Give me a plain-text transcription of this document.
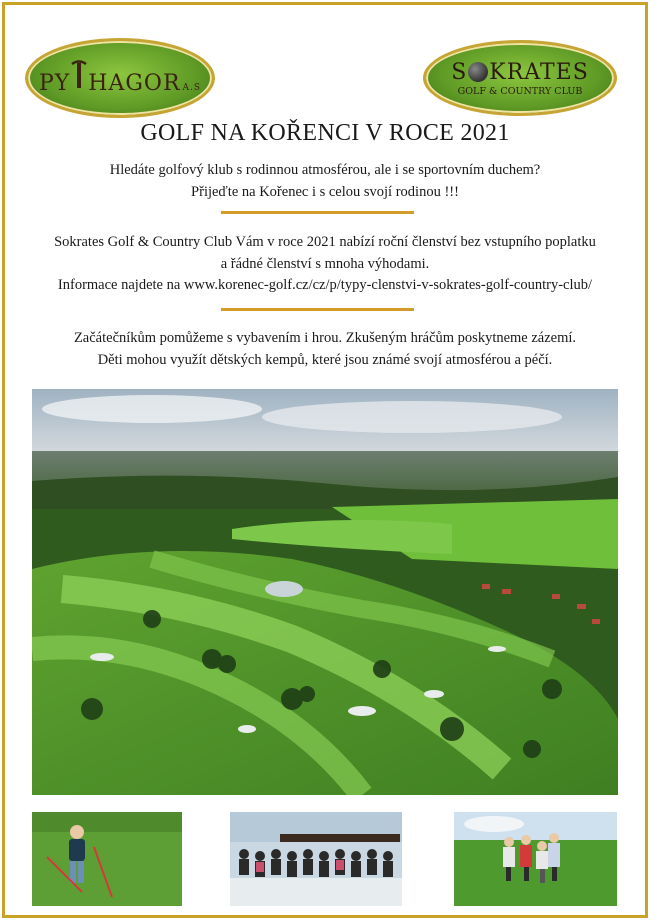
PY HAGOR A.S
S KRATES
GOLF & COUNTRY CLUB
GOLF NA KOŘENCI V ROCE 2021
Hledáte golfový klub s rodinnou atmosférou, ale i se sportovním duchem?
Přijeďte na Kořenec i s celou svojí rodinou !!!
Sokrates Golf & Country Club Vám v roce 2021 nabízí roční členství bez vstupního poplatku
a řádné členství s mnoha výhodami.
Informace najdete na www.korenec-golf.cz/cz/p/typy-clenstvi-v-sokrates-golf-country-club/
Začátečníkům pomůžeme s vybavením i hrou. Zkušeným hráčům poskytneme zázemí.
Děti mohou využít dětských kempů, které jsou známé svojí atmosférou a péčí.
